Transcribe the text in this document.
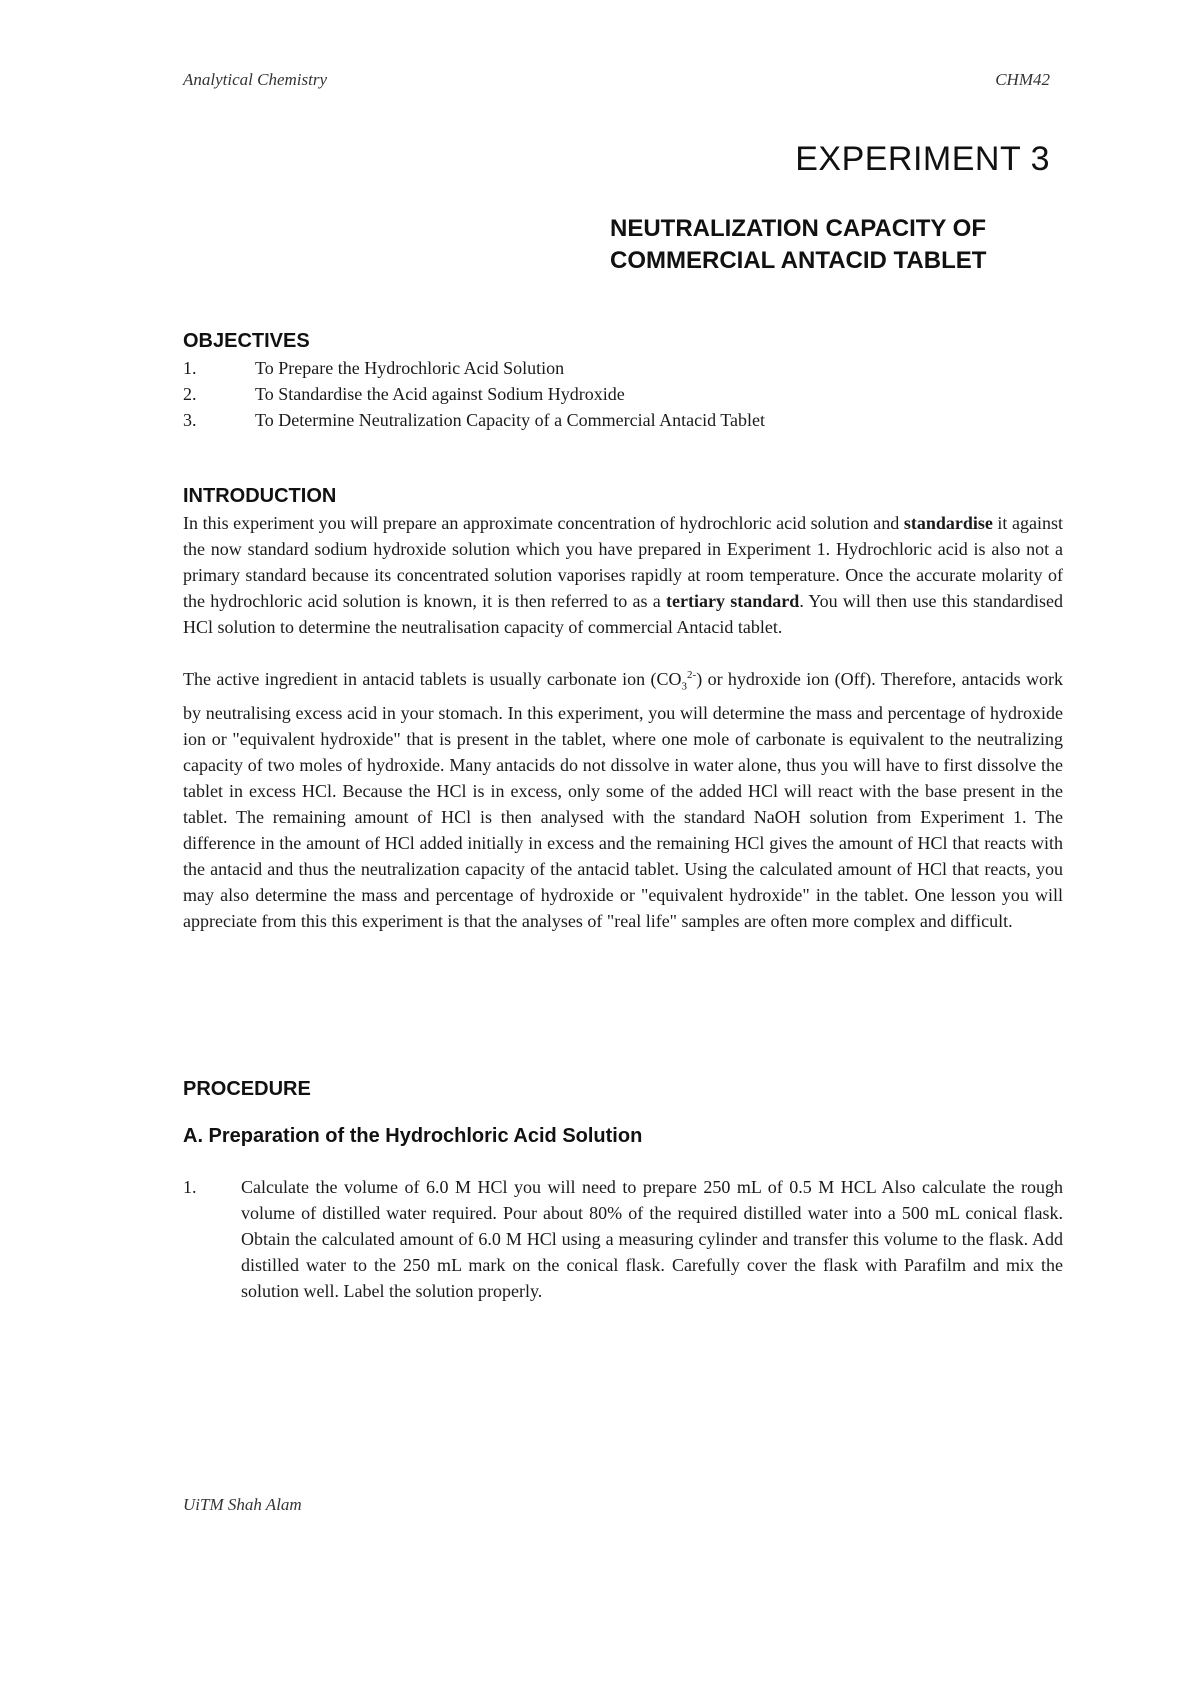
Analytical Chemistry	CHM42
EXPERIMENT 3
NEUTRALIZATION CAPACITY OF
COMMERCIAL ANTACID TABLET
OBJECTIVES
1.	To Prepare the Hydrochloric Acid Solution
2.	To Standardise the Acid against Sodium Hydroxide
3.	To Determine Neutralization Capacity of a Commercial Antacid Tablet
INTRODUCTION

In this experiment you will prepare an approximate concentration of hydrochloric acid solution and standardise it against the now standard sodium hydroxide solution which you have prepared in Experiment 1. Hydrochloric acid is also not a primary standard because its concentrated solution vaporises rapidly at room temperature. Once the accurate molarity of the hydrochloric acid solution is known, it is then referred to as a tertiary standard. You will then use this standardised HCl solution to determine the neutralisation capacity of commercial Antacid tablet.

The active ingredient in antacid tablets is usually carbonate ion $(CO_3^{2-})$ or hydroxide ion (Off). Therefore, antacids work by neutralising excess acid in your stomach. In this experiment, you will determine the mass and percentage of hydroxide ion or "equivalent hydroxide" that is present in the tablet, where one mole of carbonate is equivalent to the neutralizing capacity of two moles of hydroxide. Many antacids do not dissolve in water alone, thus you will have to first dissolve the tablet in excess HCl. Because the HCl is in excess, only some of the added HCl will react with the base present in the tablet. The remaining amount of HCl is then analysed with the standard NaOH solution from Experiment 1. The difference in the amount of HCl added initially in excess and the remaining HCl gives the amount of HCl that reacts with the antacid and thus the neutralization capacity of the antacid tablet. Using the calculated amount of HCl that reacts, you may also determine the mass and percentage of hydroxide or "equivalent hydroxide" in the tablet. One lesson you will appreciate from this this experiment is that the analyses of "real life" samples are often more complex and difficult.

PROCEDURE
A. Preparation of the Hydrochloric Acid Solution
1.	Calculate the volume of 6.0 M HCl you will need to prepare 250 mL of 0.5 M HCL Also calculate the rough volume of distilled water required. Pour about 80% of the required distilled water into a 500 mL conical flask. Obtain the calculated amount of 6.0 M HCl using a measuring cylinder and transfer this volume to the flask. Add distilled water to the 250 mL mark on the conical flask. Carefully cover the flask with Parafilm and mix the solution well. Label the solution properly.
UiTM Shah Alam
